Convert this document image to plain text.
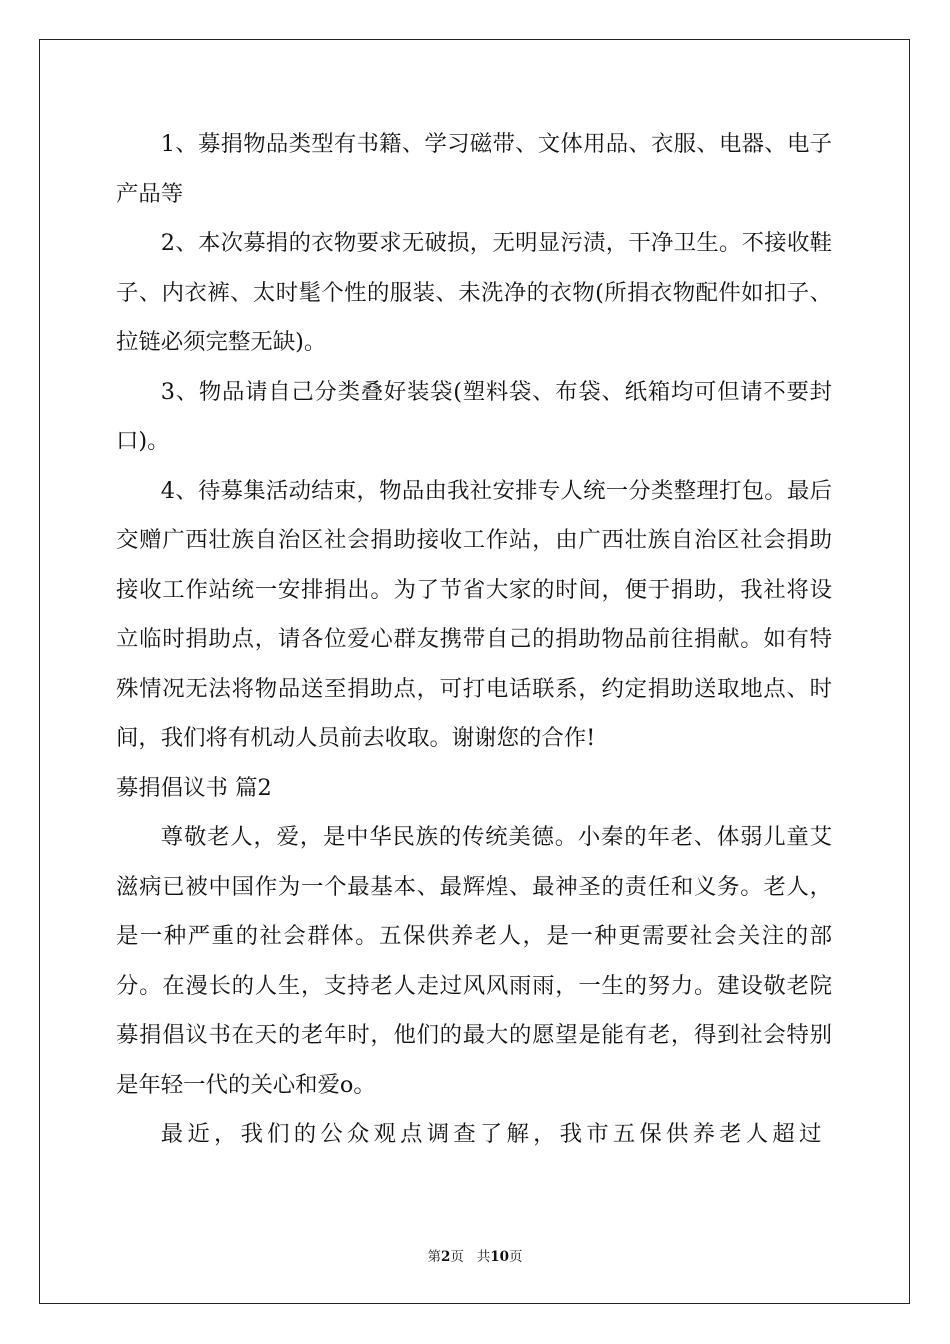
1、募捐物品类型有书籍、学习磁带、文体用品、衣服、电器、电子产品等

2、本次募捐的衣物要求无破损，无明显污渍，干净卫生。不接收鞋子、内衣裤、太时髦个性的服装、未洗净的衣物(所捐衣物配件如扣子、拉链必须完整无缺)。

3、物品请自己分类叠好装袋(塑料袋、布袋、纸箱均可但请不要封口)。

4、待募集活动结束，物品由我社安排专人统一分类整理打包。最后交赠广西壮族自治区社会捐助接收工作站，由广西壮族自治区社会捐助接收工作站统一安排捐出。为了节省大家的时间，便于捐助，我社将设立临时捐助点，请各位爱心群友携带自己的捐助物品前往捐献。如有特殊情况无法将物品送至捐助点，可打电话联系，约定捐助送取地点、时间，我们将有机动人员前去收取。谢谢您的合作!

募捐倡议书 篇2

尊敬老人，爱，是中华民族的传统美德。小秦的年老、体弱儿童艾滋病已被中国作为一个最基本、最辉煌、最神圣的责任和义务。老人，是一种严重的社会群体。五保供养老人，是一种更需要社会关注的部分。在漫长的人生，支持老人走过风风雨雨，一生的努力。建设敬老院募捐倡议书在天的老年时，他们的最大的愿望是能有老，得到社会特别是年轻一代的关心和爱o。

最近，我们的公众观点调查了解，我市五保供养老人超过

第2页   共10页
